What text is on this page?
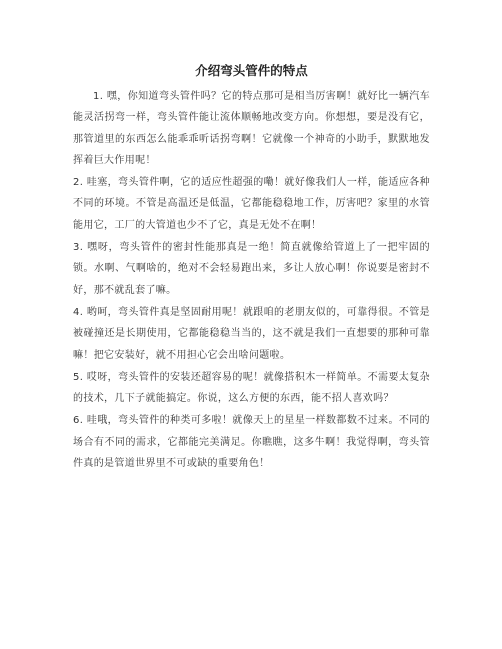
介绍弯头管件的特点

1. 嘿，你知道弯头管件吗？它的特点那可是相当厉害啊！就好比一辆汽车能灵活拐弯一样，弯头管件能让流体顺畅地改变方向。你想想，要是没有它，那管道里的东西怎么能乖乖听话拐弯啊！它就像一个神奇的小助手，默默地发挥着巨大作用呢！

2. 哇塞，弯头管件啊，它的适应性超强的嘞！就好像我们人一样，能适应各种不同的环境。不管是高温还是低温，它都能稳稳地工作，厉害吧？家里的水管能用它，工厂的大管道也少不了它，真是无处不在啊！

3. 嘿呀，弯头管件的密封性能那真是一绝！简直就像给管道上了一把牢固的锁。水啊、气啊啥的，绝对不会轻易跑出来，多让人放心啊！你说要是密封不好，那不就乱套了嘛。

4. 哟呵，弯头管件真是坚固耐用呢！就跟咱的老朋友似的，可靠得很。不管是被碰撞还是长期使用，它都能稳稳当当的，这不就是我们一直想要的那种可靠嘛！把它安装好，就不用担心它会出啥问题啦。

5. 哎呀，弯头管件的安装还超容易的呢！就像搭积木一样简单。不需要太复杂的技术，几下子就能搞定。你说，这么方便的东西，能不招人喜欢吗？

6. 哇哦，弯头管件的种类可多啦！就像天上的星星一样数都数不过来。不同的场合有不同的需求，它都能完美满足。你瞧瞧，这多牛啊！我觉得啊，弯头管件真的是管道世界里不可或缺的重要角色！
